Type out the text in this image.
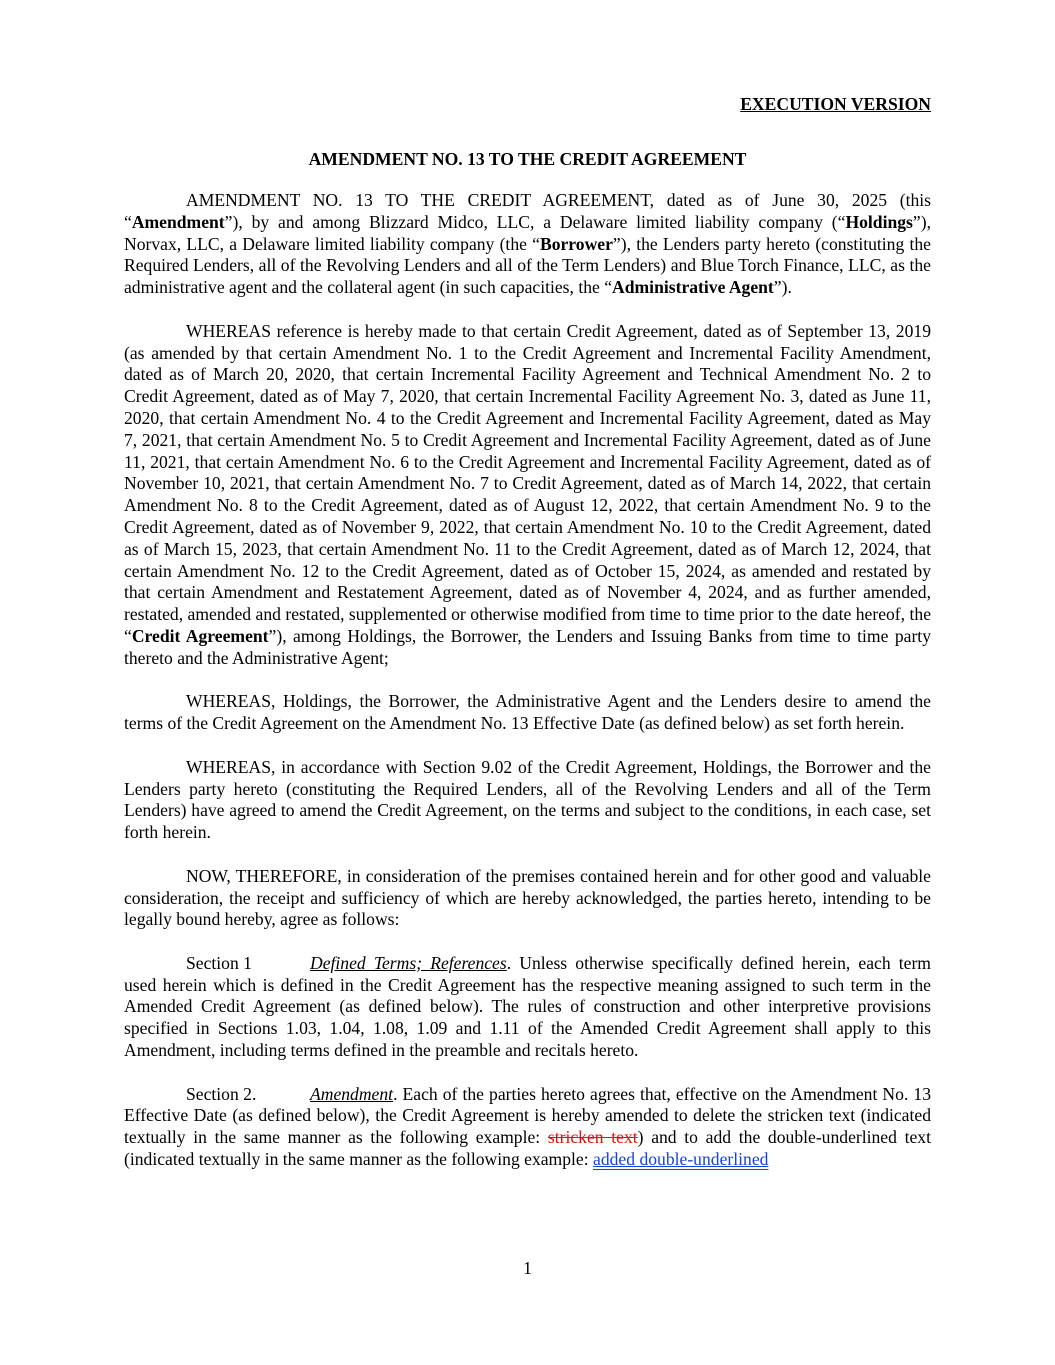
EXECUTION VERSION

AMENDMENT NO. 13 TO THE CREDIT AGREEMENT

AMENDMENT NO. 13 TO THE CREDIT AGREEMENT, dated as of June 30, 2025 (this “Amendment”), by and among Blizzard Midco, LLC, a Delaware limited liability company (“Holdings”), Norvax, LLC, a Delaware limited liability company (the “Borrower”), the Lenders party hereto (constituting the Required Lenders, all of the Revolving Lenders and all of the Term Lenders) and Blue Torch Finance, LLC, as the administrative agent and the collateral agent (in such capacities, the “Administrative Agent”).

WHEREAS reference is hereby made to that certain Credit Agreement, dated as of September 13, 2019 (as amended by that certain Amendment No. 1 to the Credit Agreement and Incremental Facility Amendment, dated as of March 20, 2020, that certain Incremental Facility Agreement and Technical Amendment No. 2 to Credit Agreement, dated as of May 7, 2020, that certain Incremental Facility Agreement No. 3, dated as June 11, 2020, that certain Amendment No. 4 to the Credit Agreement and Incremental Facility Agreement, dated as May 7, 2021, that certain Amendment No. 5 to Credit Agreement and Incremental Facility Agreement, dated as of June 11, 2021, that certain Amendment No. 6 to the Credit Agreement and Incremental Facility Agreement, dated as of November 10, 2021, that certain Amendment No. 7 to Credit Agreement, dated as of March 14, 2022, that certain Amendment No. 8 to the Credit Agreement, dated as of August 12, 2022, that certain Amendment No. 9 to the Credit Agreement, dated as of November 9, 2022, that certain Amendment No. 10 to the Credit Agreement, dated as of March 15, 2023, that certain Amendment No. 11 to the Credit Agreement, dated as of March 12, 2024, that certain Amendment No. 12 to the Credit Agreement, dated as of October 15, 2024, as amended and restated by that certain Amendment and Restatement Agreement, dated as of November 4, 2024, and as further amended, restated, amended and restated, supplemented or otherwise modified from time to time prior to the date hereof, the “Credit Agreement”), among Holdings, the Borrower, the Lenders and Issuing Banks from time to time party thereto and the Administrative Agent;

WHEREAS, Holdings, the Borrower, the Administrative Agent and the Lenders desire to amend the terms of the Credit Agreement on the Amendment No. 13 Effective Date (as defined below) as set forth herein.

WHEREAS, in accordance with Section 9.02 of the Credit Agreement, Holdings, the Borrower and the Lenders party hereto (constituting the Required Lenders, all of the Revolving Lenders and all of the Term Lenders) have agreed to amend the Credit Agreement, on the terms and subject to the conditions, in each case, set forth herein.

NOW, THEREFORE, in consideration of the premises contained herein and for other good and valuable consideration, the receipt and sufficiency of which are hereby acknowledged, the parties hereto, intending to be legally bound hereby, agree as follows:

Section 1	Defined Terms; References. Unless otherwise specifically defined herein, each term used herein which is defined in the Credit Agreement has the respective meaning assigned to such term in the Amended Credit Agreement (as defined below). The rules of construction and other interpretive provisions specified in Sections 1.03, 1.04, 1.08, 1.09 and 1.11 of the Amended Credit Agreement shall apply to this Amendment, including terms defined in the preamble and recitals hereto.

Section 2.	Amendment. Each of the parties hereto agrees that, effective on the Amendment No. 13 Effective Date (as defined below), the Credit Agreement is hereby amended to delete the stricken text (indicated textually in the same manner as the following example: stricken text) and to add the double-underlined text (indicated textually in the same manner as the following example: added double-underlined

1
